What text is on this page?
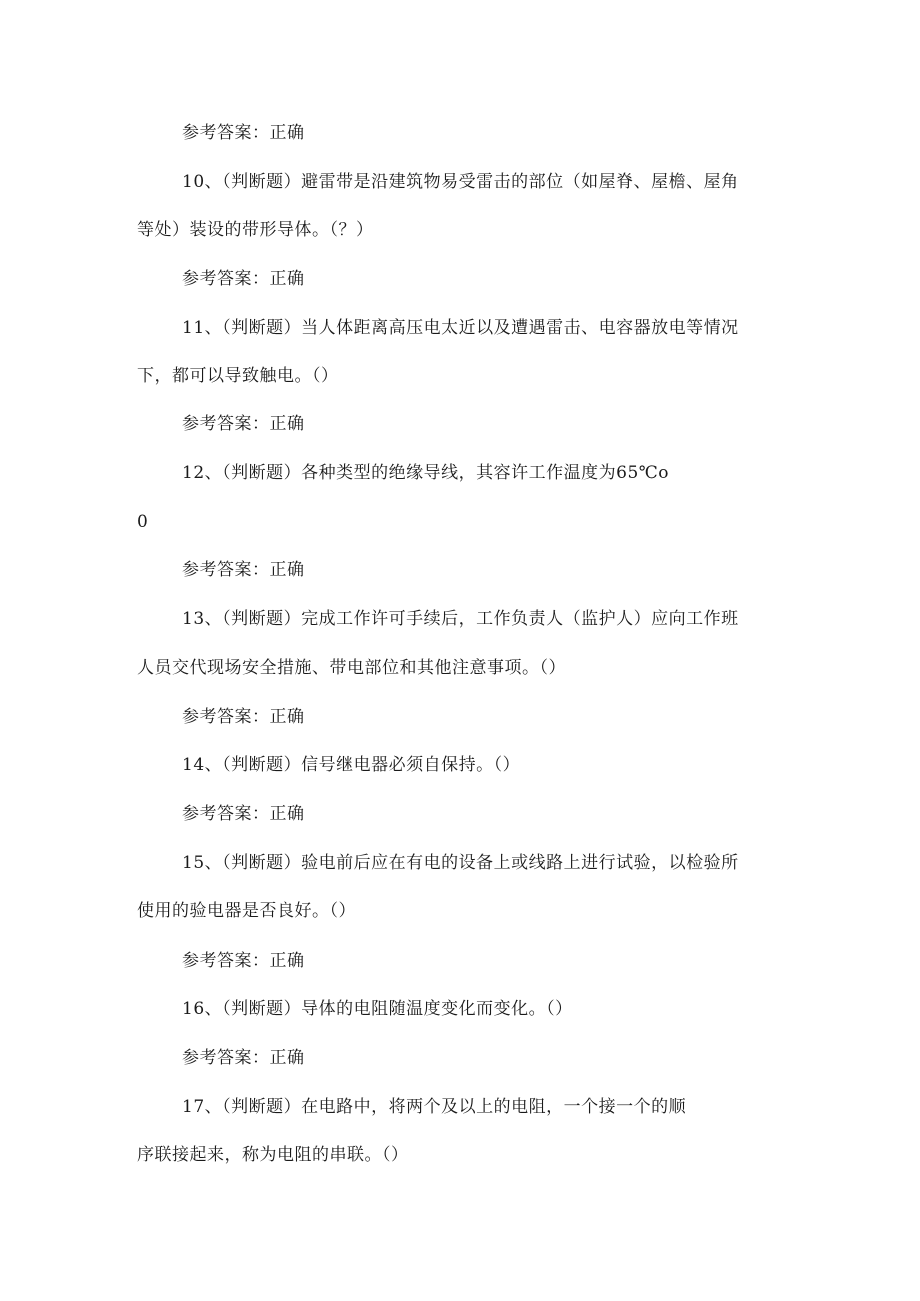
参考答案：正确
10、（判断题）避雷带是沿建筑物易受雷击的部位（如屋脊、屋檐、屋角
等处）装设的带形导体。（？）
参考答案：正确
11、（判断题）当人体距离高压电太近以及遭遇雷击、电容器放电等情况
下，都可以导致触电。（）
参考答案：正确
12、（判断题）各种类型的绝缘导线，其容许工作温度为65℃o
0
参考答案：正确
13、（判断题）完成工作许可手续后，工作负责人（监护人）应向工作班
人员交代现场安全措施、带电部位和其他注意事项。（）
参考答案：正确
14、（判断题）信号继电器必须自保持。（）
参考答案：正确
15、（判断题）验电前后应在有电的设备上或线路上进行试验，以检验所
使用的验电器是否良好。（）
参考答案：正确
16、（判断题）导体的电阻随温度变化而变化。（）
参考答案：正确
17、（判断题）在电路中，将两个及以上的电阻，一个接一个的顺
序联接起来，称为电阻的串联。（）
